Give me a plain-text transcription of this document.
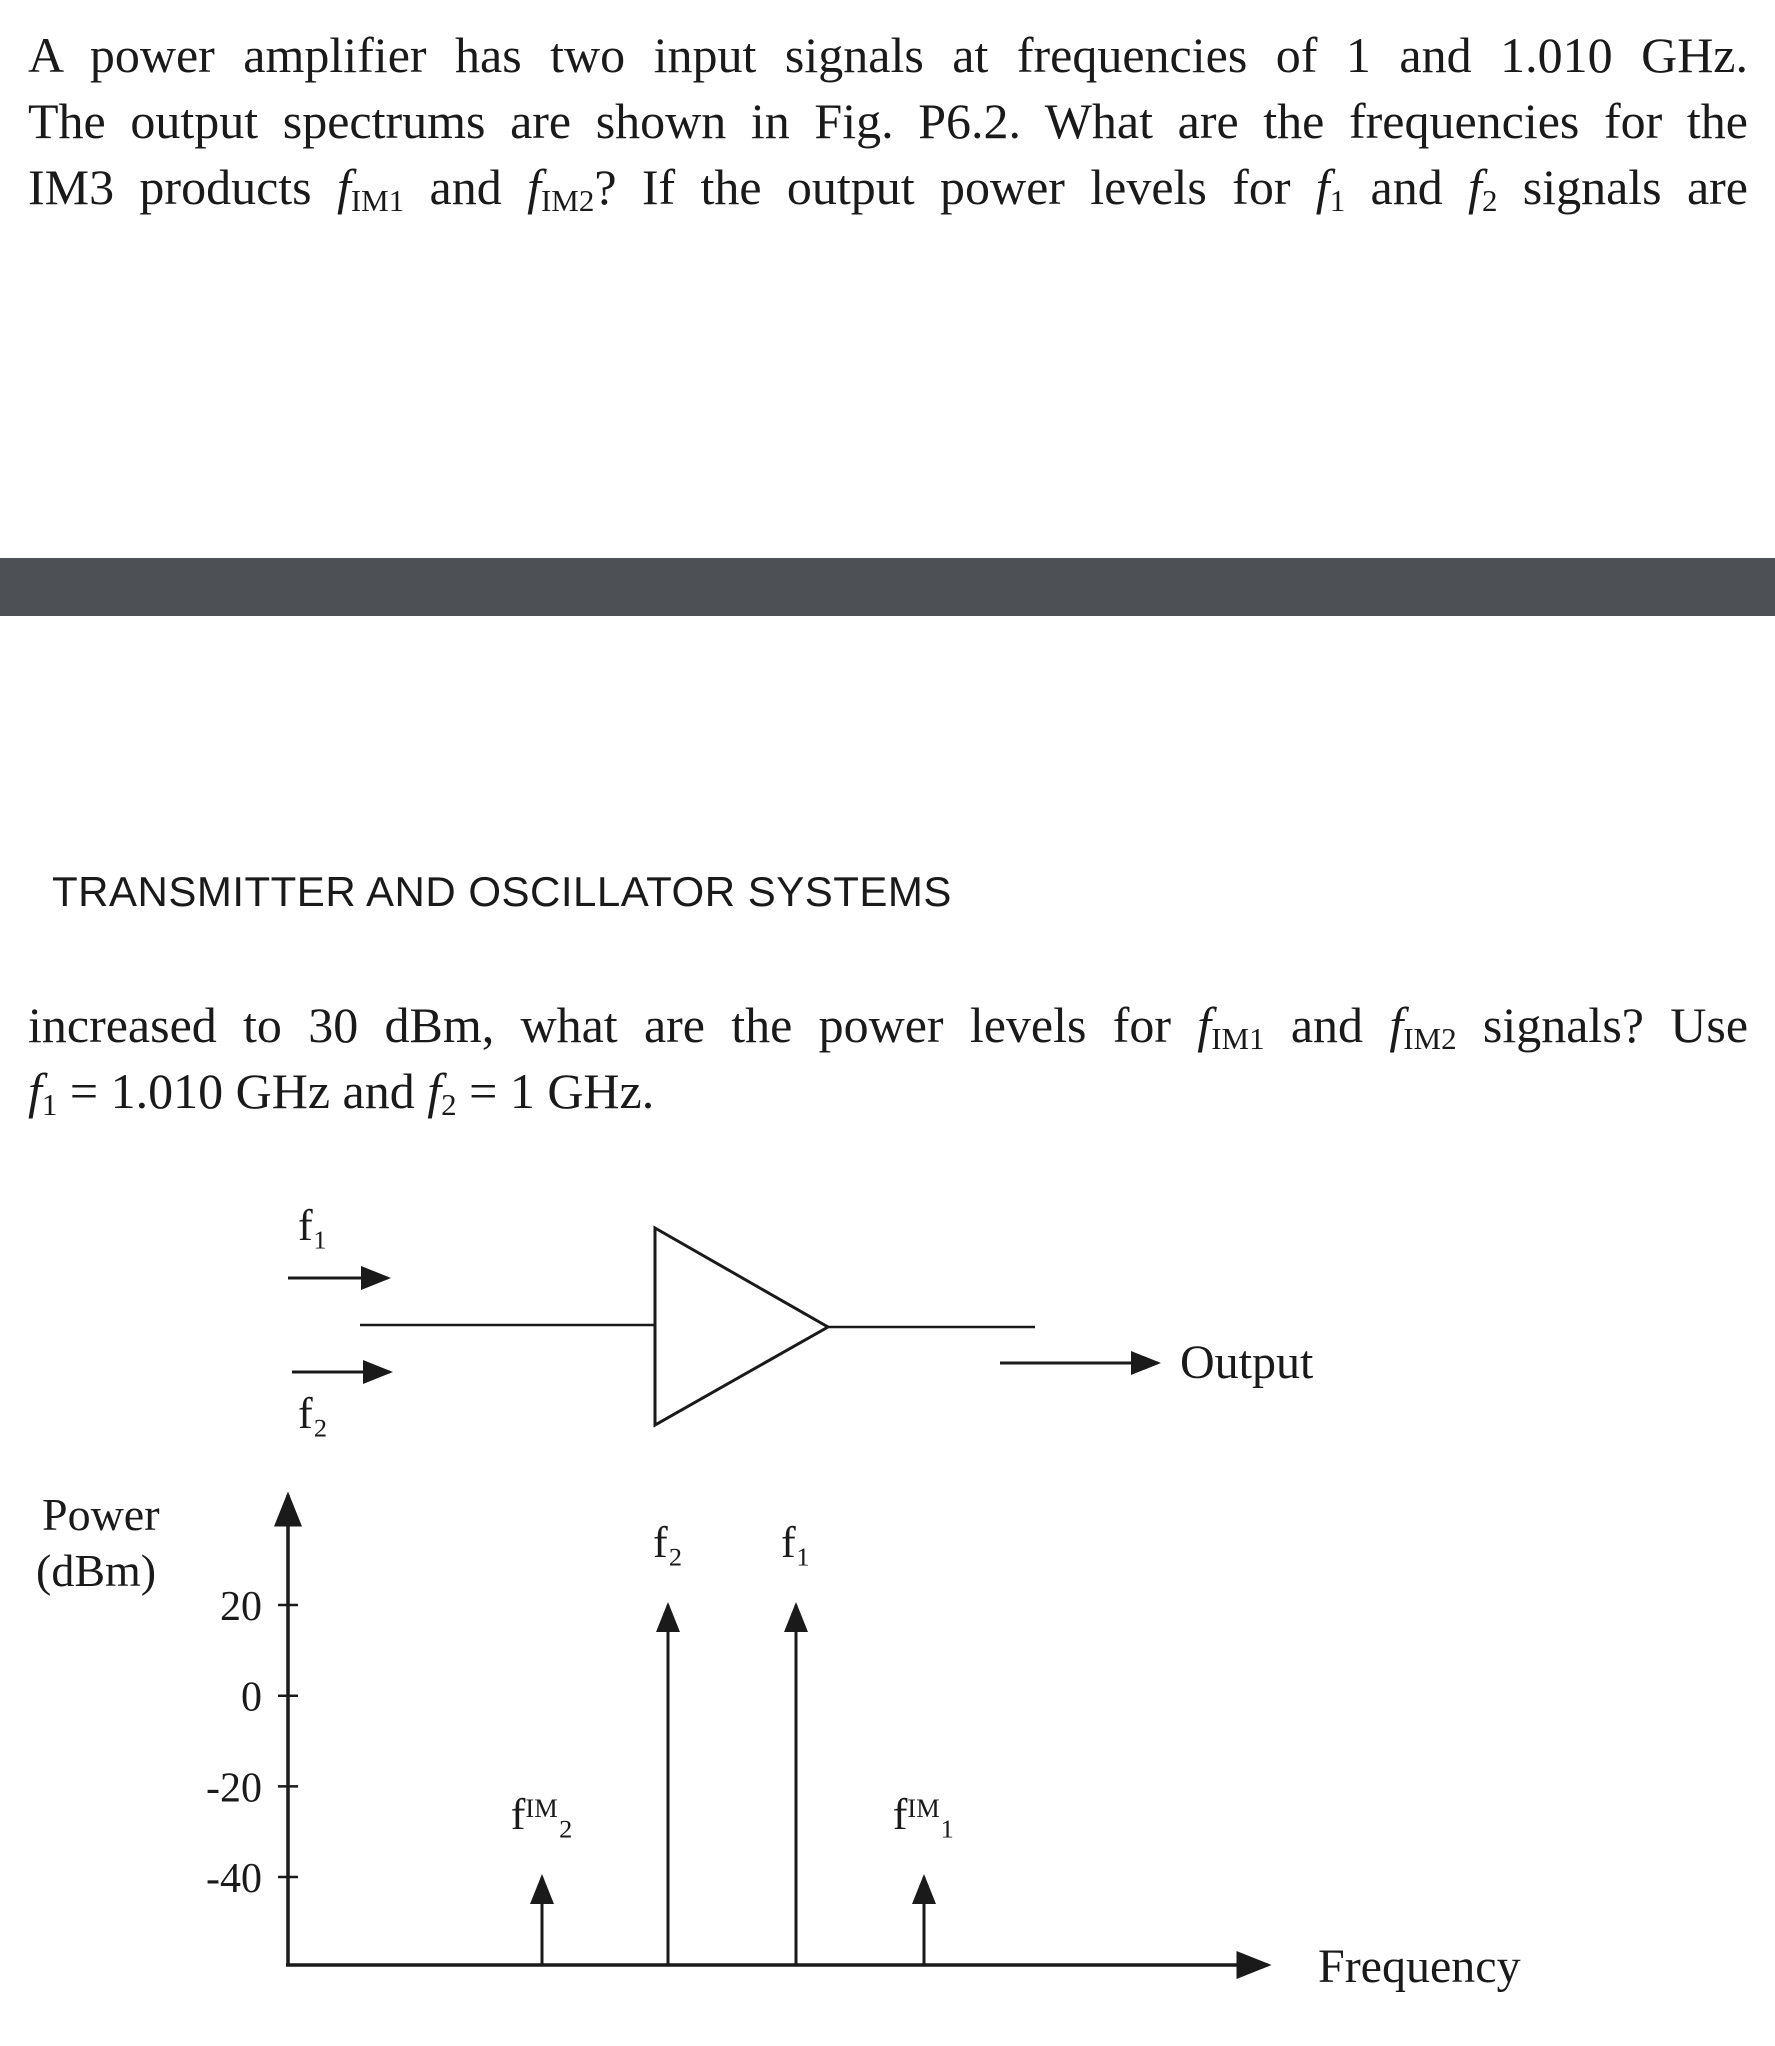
A power amplifier has two input signals at frequencies of 1 and 1.010 GHz.
The output spectrums are shown in Fig. P6.2. What are the frequencies for the
IM3 products $f_{IM1}$ and $f_{IM2}$? If the output power levels for $f_1$ and $f_2$ signals are
TRANSMITTER AND OSCILLATOR SYSTEMS
increased to 30 dBm, what are the power levels for $f_{IM1}$ and $f_{IM2}$ signals? Use
$f_1 = 1.010$ GHz and $f_2 = 1$ GHz.
f₁
f₂
Output
Power
(dBm)
Frequency
20
0
-20
-40
fᴵᴹ₂
f₂ f₁
fᴵᴹ₁
